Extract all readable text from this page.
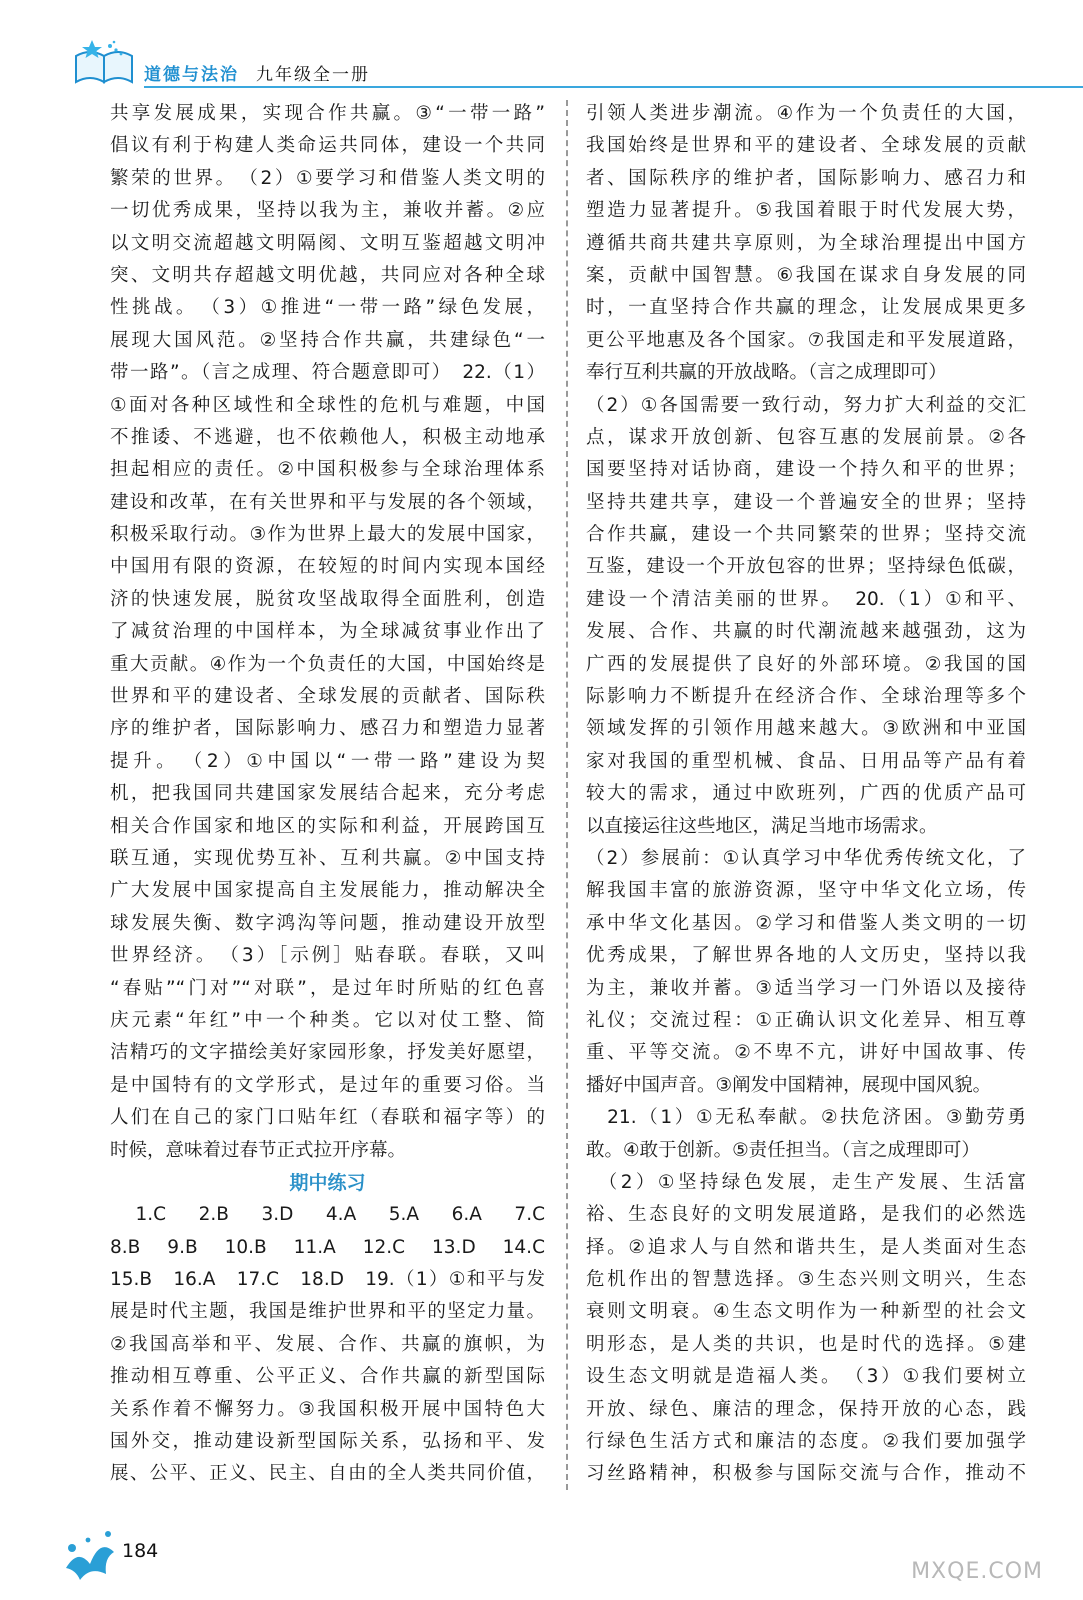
道德与法治 九年级全一册
共享发展成果，实现合作共赢。③“一带一路”
倡议有利于构建人类命运共同体，建设一个共同
繁荣的世界。　（2）①要学习和借鉴人类文明的
一切优秀成果，坚持以我为主，兼收并蓄。②应
以文明交流超越文明隔阂、文明互鉴超越文明冲
突、文明共存超越文明优越，共同应对各种全球
性挑战。　（3）①推进“一带一路”绿色发展，
展现大国风范。②坚持合作共赢，共建绿色“一
带一路”。（言之成理、符合题意即可）　22.（1）
①面对各种区域性和全球性的危机与难题，中国
不推诿、不逃避，也不依赖他人，积极主动地承
担起相应的责任。②中国积极参与全球治理体系
建设和改革，在有关世界和平与发展的各个领域，
积极采取行动。③作为世界上最大的发展中国家，
中国用有限的资源，在较短的时间内实现本国经
济的快速发展，脱贫攻坚战取得全面胜利，创造
了减贫治理的中国样本，为全球减贫事业作出了
重大贡献。④作为一个负责任的大国，中国始终是
世界和平的建设者、全球发展的贡献者、国际秩
序的维护者，国际影响力、感召力和塑造力显著
提升。　（2）①中国以“一带一路”建设为契
机，把我国同共建国家发展结合起来，充分考虑
相关合作国家和地区的实际和利益，开展跨国互
联互通，实现优势互补、互利共赢。②中国支持
广大发展中国家提高自主发展能力，推动解决全
球发展失衡、数字鸿沟等问题，推动建设开放型
世界经济。　（3）［示例］贴春联。春联，又叫
“春贴”“门对”“对联”，是过年时所贴的红色喜
庆元素“年红”中一个种类。它以对仗工整、简
洁精巧的文字描绘美好家园形象，抒发美好愿望，
是中国特有的文学形式，是过年的重要习俗。当
人们在自己的家门口贴年红（春联和福字等）的
时候，意味着过春节正式拉开序幕。
期中练习
　1.C　2.B　3.D　4.A　5.A　6.A　7.C
8.B　9.B　10.B　11.A　12.C　13.D　14.C
15.B　16.A　17.C　18.D　19.（1）①和平与发
展是时代主题，我国是维护世界和平的坚定力量。
②我国高举和平、发展、合作、共赢的旗帜，为
推动相互尊重、公平正义、合作共赢的新型国际
关系作着不懈努力。③我国积极开展中国特色大
国外交，推动建设新型国际关系，弘扬和平、发
展、公平、正义、民主、自由的全人类共同价值，
引领人类进步潮流。④作为一个负责任的大国，
我国始终是世界和平的建设者、全球发展的贡献
者、国际秩序的维护者，国际影响力、感召力和
塑造力显著提升。⑤我国着眼于时代发展大势，
遵循共商共建共享原则，为全球治理提出中国方
案，贡献中国智慧。⑥我国在谋求自身发展的同
时，一直坚持合作共赢的理念，让发展成果更多
更公平地惠及各个国家。⑦我国走和平发展道路，
奉行互利共赢的开放战略。（言之成理即可）
（2）①各国需要一致行动，努力扩大利益的交汇
点，谋求开放创新、包容互惠的发展前景。②各
国要坚持对话协商，建设一个持久和平的世界；
坚持共建共享，建设一个普遍安全的世界；坚持
合作共赢，建设一个共同繁荣的世界；坚持交流
互鉴，建设一个开放包容的世界；坚持绿色低碳，
建设一个清洁美丽的世界。　20.（1）①和平、
发展、合作、共赢的时代潮流越来越强劲，这为
广西的发展提供了良好的外部环境。②我国的国
际影响力不断提升在经济合作、全球治理等多个
领域发挥的引领作用越来越大。③欧洲和中亚国
家对我国的重型机械、食品、日用品等产品有着
较大的需求，通过中欧班列，广西的优质产品可
以直接运往这些地区，满足当地市场需求。
（2）参展前：①认真学习中华优秀传统文化，了
解我国丰富的旅游资源，坚守中华文化立场，传
承中华文化基因。②学习和借鉴人类文明的一切
优秀成果，了解世界各地的人文历史，坚持以我
为主，兼收并蓄。③适当学习一门外语以及接待
礼仪；交流过程：①正确认识文化差异、相互尊
重、平等交流。②不卑不亢，讲好中国故事、传
播好中国声音。③阐发中国精神，展现中国风貌。
　21.（1）①无私奉献。②扶危济困。③勤劳勇
敢。④敢于创新。⑤责任担当。（言之成理即可）
　（2）①坚持绿色发展，走生产发展、生活富
裕、生态良好的文明发展道路，是我们的必然选
择。②追求人与自然和谐共生，是人类面对生态
危机作出的智慧选择。③生态兴则文明兴，生态
衰则文明衰。④生态文明作为一种新型的社会文
明形态，是人类的共识，也是时代的选择。⑤建
设生态文明就是造福人类。　（3）①我们要树立
开放、绿色、廉洁的理念，保持开放的心态，践
行绿色生活方式和廉洁的态度。②我们要加强学
习丝路精神，积极参与国际交流与合作，推动不
184
MXQE.COM
